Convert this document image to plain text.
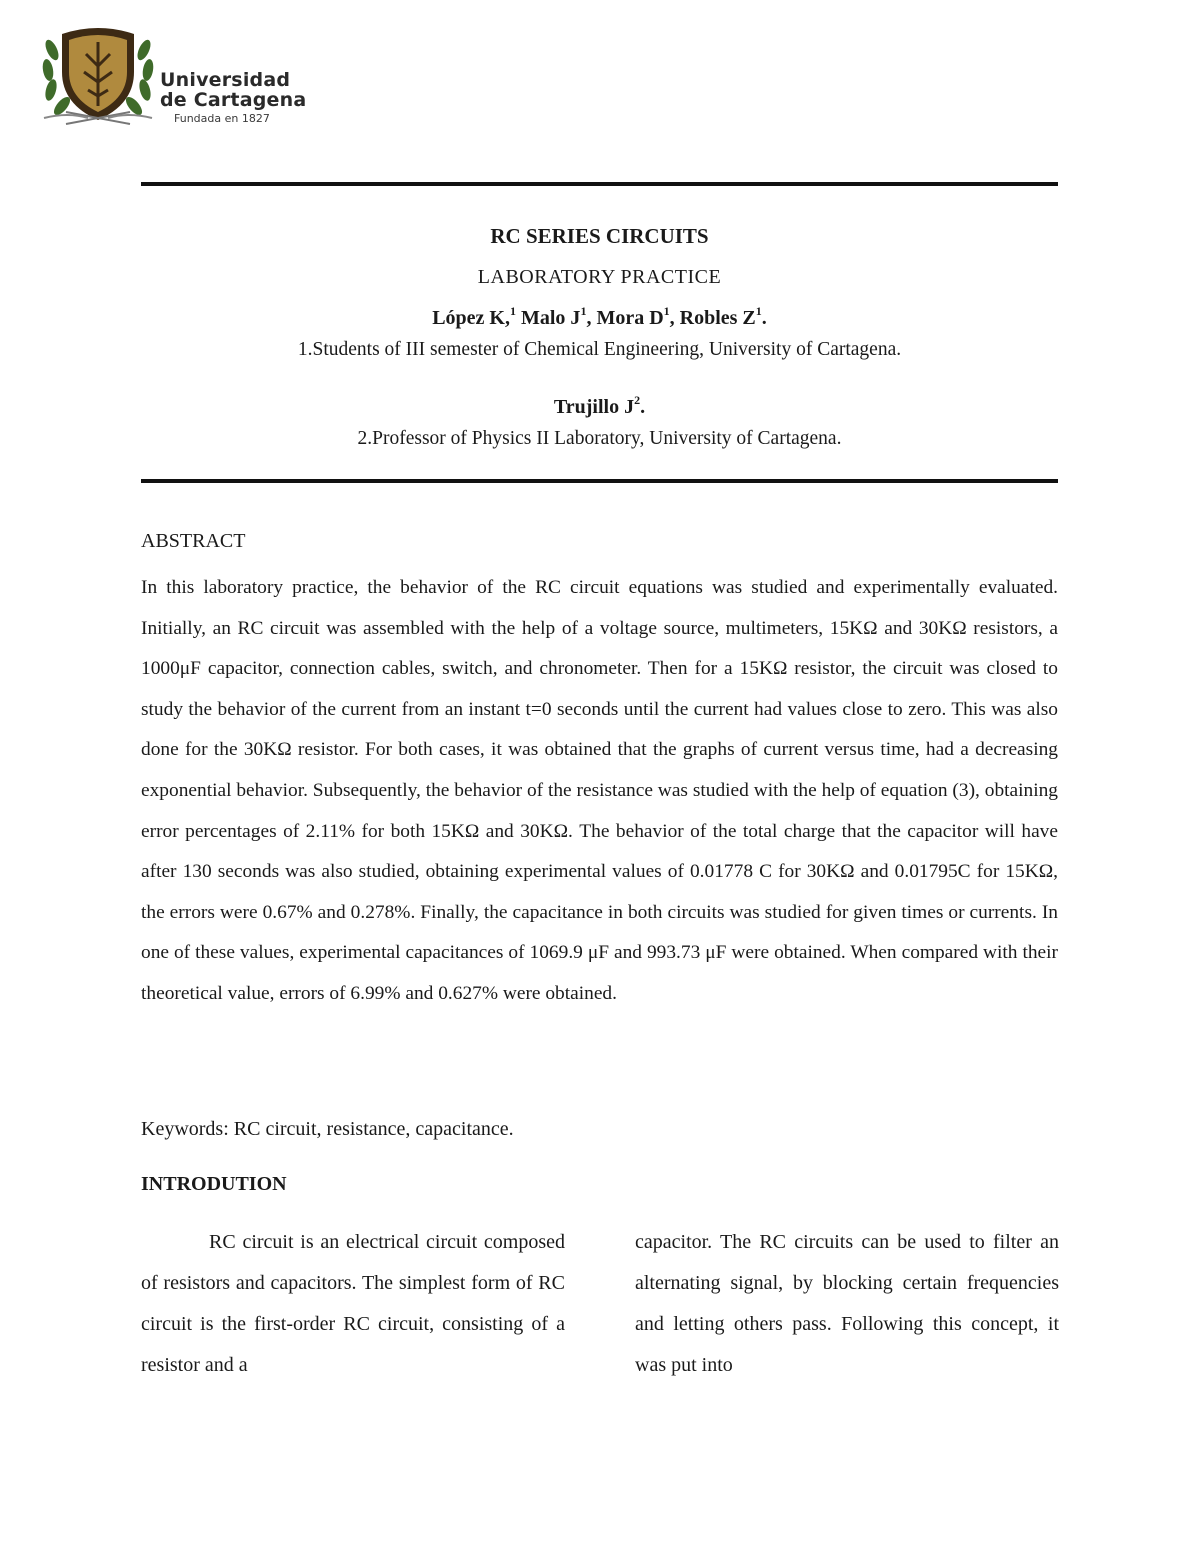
Universidad
de Cartagena
Fundada en 1827
RC SERIES CIRCUITS
LABORATORY PRACTICE
López K,$^1$ Malo $J^1$, Mora $D^1$, Robles $Z^1$.
1.Students of III semester of Chemical Engineering, University of Cartagena.
Trujillo $J^2$.
2.Professor of Physics II Laboratory, University of Cartagena.
ABSTRACT
In this laboratory practice, the behavior of the RC circuit equations was studied and experimentally evaluated. Initially, an RC circuit was assembled with the help of a voltage source, multimeters, 15KΩ and 30KΩ resistors, a 1000μF capacitor, connection cables, switch, and chronometer. Then for a 15KΩ resistor, the circuit was closed to study the behavior of the current from an instant t=0 seconds until the current had values close to zero. This was also done for the 30KΩ resistor. For both cases, it was obtained that the graphs of current versus time, had a decreasing exponential behavior. Subsequently, the behavior of the resistance was studied with the help of equation (3), obtaining error percentages of 2.11% for both 15KΩ and 30KΩ. The behavior of the total charge that the capacitor will have after 130 seconds was also studied, obtaining experimental values of 0.01778 C for 30KΩ and 0.01795C for 15KΩ, the errors were 0.67% and 0.278%. Finally, the capacitance in both circuits was studied for given times or currents. In one of these values, experimental capacitances of 1069.9 μF and 993.73 μF were obtained. When compared with their theoretical value, errors of 6.99% and 0.627% were obtained.
Keywords: RC circuit, resistance, capacitance.
INTRODUTION
RC circuit is an electrical circuit composed of resistors and capacitors. The simplest form of RC circuit is the first-order RC circuit, consisting of a resistor and a
capacitor. The RC circuits can be used to filter an alternating signal, by blocking certain frequencies and letting others pass. Following this concept, it was put into
